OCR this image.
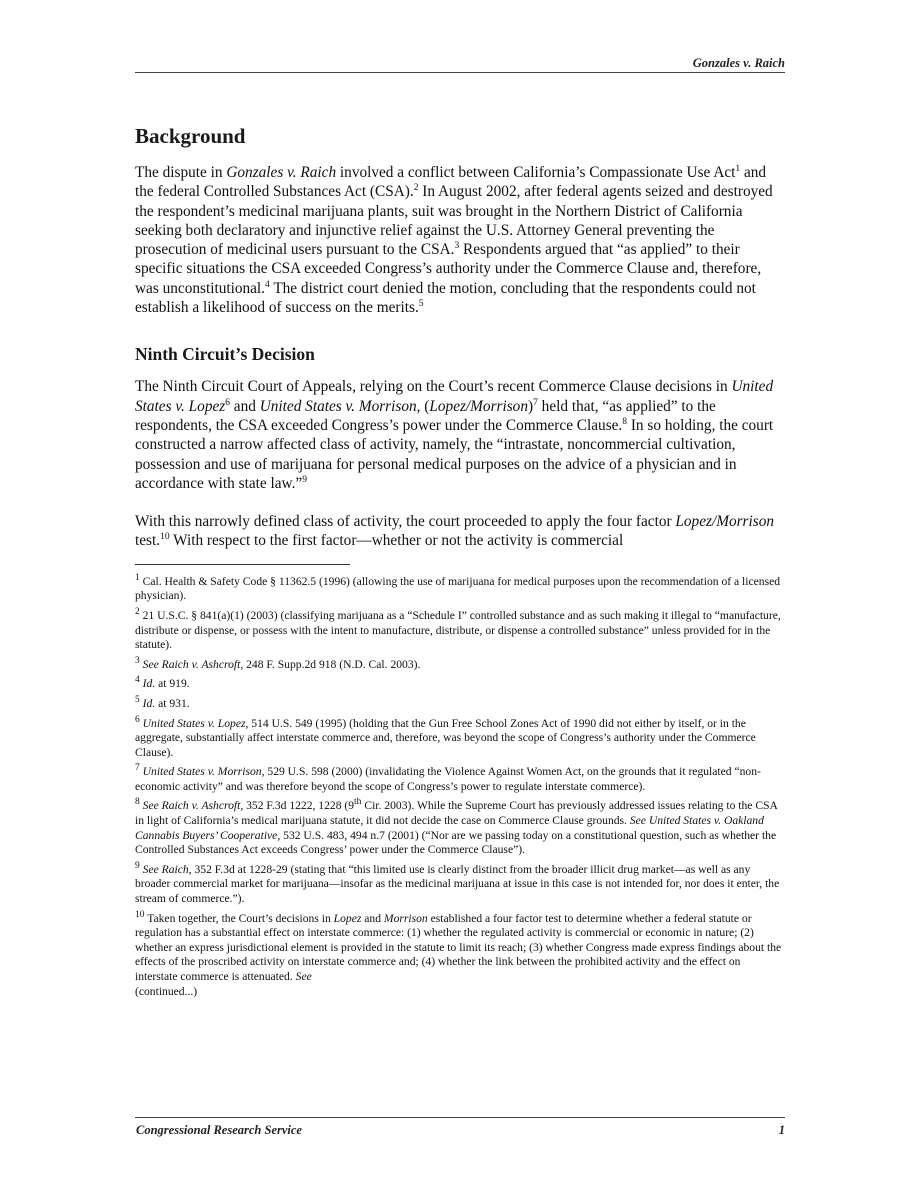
Gonzales v. Raich
Background

The dispute in Gonzales v. Raich involved a conflict between California’s Compassionate Use Act$^1$ and the federal Controlled Substances Act (CSA).$^2$ In August 2002, after federal agents seized and destroyed the respondent’s medicinal marijuana plants, suit was brought in the Northern District of California seeking both declaratory and injunctive relief against the U.S. Attorney General preventing the prosecution of medicinal users pursuant to the CSA.$^3$ Respondents argued that “as applied” to their specific situations the CSA exceeded Congress’s authority under the Commerce Clause and, therefore, was unconstitutional.$^4$ The district court denied the motion, concluding that the respondents could not establish a likelihood of success on the merits.$^5$

Ninth Circuit’s Decision

The Ninth Circuit Court of Appeals, relying on the Court’s recent Commerce Clause decisions in United States v. Lopez$^6$ and United States v. Morrison, (Lopez/Morrison)$^7$ held that, “as applied” to the respondents, the CSA exceeded Congress’s power under the Commerce Clause.$^8$ In so holding, the court constructed a narrow affected class of activity, namely, the “intrastate, noncommercial cultivation, possession and use of marijuana for personal medical purposes on the advice of a physician and in accordance with state law.”$^9$

With this narrowly defined class of activity, the court proceeded to apply the four factor Lopez/Morrison test.$^{10}$ With respect to the first factor—whether or not the activity is commercial

$^1$ Cal. Health & Safety Code § 11362.5 (1996) (allowing the use of marijuana for medical purposes upon the recommendation of a licensed physician).
$^2$ 21 U.S.C. § 841(a)(1) (2003) (classifying marijuana as a “Schedule I” controlled substance and as such making it illegal to “manufacture, distribute or dispense, or possess with the intent to manufacture, distribute, or dispense a controlled substance” unless provided for in the statute).
$^3$ See Raich v. Ashcroft, 248 F. Supp.2d 918 (N.D. Cal. 2003).
$^4$ Id. at 919.
$^5$ Id. at 931.
$^6$ United States v. Lopez, 514 U.S. 549 (1995) (holding that the Gun Free School Zones Act of 1990 did not either by itself, or in the aggregate, substantially affect interstate commerce and, therefore, was beyond the scope of Congress’s authority under the Commerce Clause).
$^7$ United States v. Morrison, 529 U.S. 598 (2000) (invalidating the Violence Against Women Act, on the grounds that it regulated “non-economic activity” and was therefore beyond the scope of Congress’s power to regulate interstate commerce).
$^8$ See Raich v. Ashcroft, 352 F.3d 1222, 1228 (9th Cir. 2003). While the Supreme Court has previously addressed issues relating to the CSA in light of California’s medical marijuana statute, it did not decide the case on Commerce Clause grounds. See United States v. Oakland Cannabis Buyers’ Cooperative, 532 U.S. 483, 494 n.7 (2001) (“Nor are we passing today on a constitutional question, such as whether the Controlled Substances Act exceeds Congress’ power under the Commerce Clause”).
$^9$ See Raich, 352 F.3d at 1228-29 (stating that “this limited use is clearly distinct from the broader illicit drug market—as well as any broader commercial market for marijuana—insofar as the medicinal marijuana at issue in this case is not intended for, nor does it enter, the stream of commerce.”).
$^{10}$ Taken together, the Court’s decisions in Lopez and Morrison established a four factor test to determine whether a federal statute or regulation has a substantial effect on interstate commerce: (1) whether the regulated activity is commercial or economic in nature; (2) whether an express jurisdictional element is provided in the statute to limit its reach; (3) whether Congress made express findings about the effects of the proscribed activity on interstate commerce and; (4) whether the link between the prohibited activity and the effect on interstate commerce is attenuated. See
(continued...)
Congressional Research Service	1
